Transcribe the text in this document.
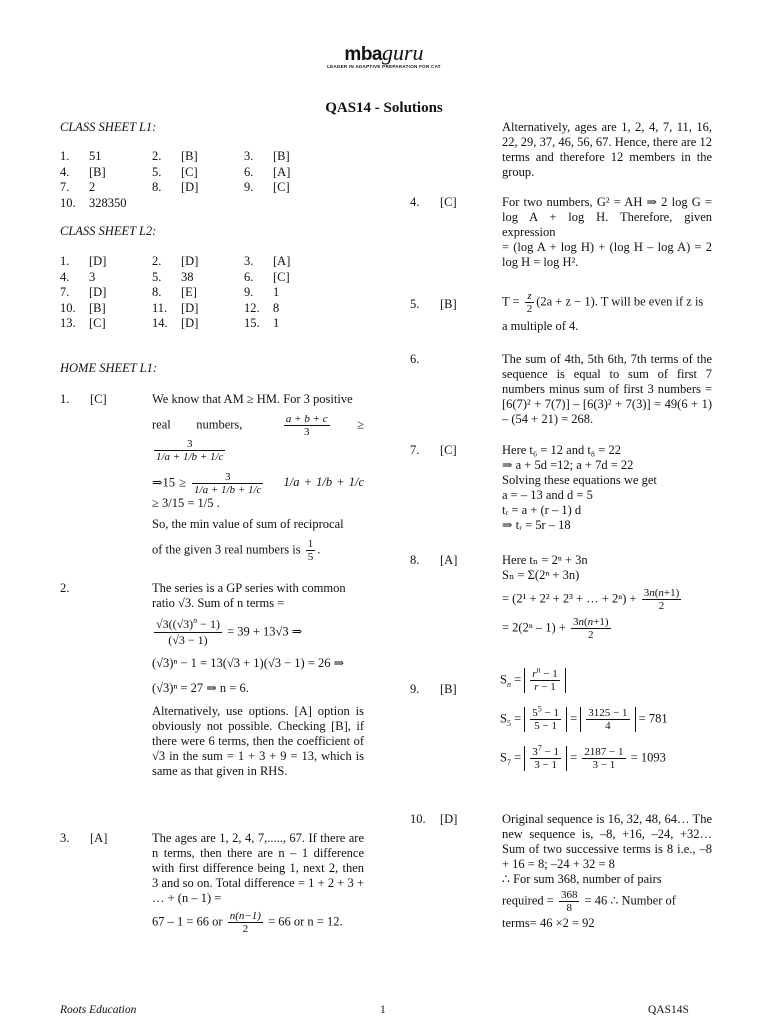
mbaguru
LEADER IN ADAPTIVE PREPARATION FOR CAT
QAS14 - Solutions
CLASS SHEET L1:
1.	51	2.	[B]	3.	[B]
4.	[B]	5.	[C]	6.	[A]
7.	2	8.	[D]	9.	[C]
10.	328350
CLASS SHEET L2:
1.	[D]	2.	[D]	3.	[A]
4.	3	5.	38	6.	[C]
7.	[D]	8.	[E]	9.	1
10.	[B]	11.	[D]	12.	8
13.	[C]	14.	[D]	15.	1
HOME SHEET L1:
1. [C]	We know that AM ≥ HM. For 3 positive
real numbers,	$\frac{a + b + c}{3}$ ≥
$\frac{3}{1/a + 1/b + 1/c}$
⇒15 ≥ $\frac{3}{1/a + 1/b + 1/c} 1/a + 1/b + 1/c \ge 3/15 = 1/5$ .
So, the min value of sum of reciprocal
of the given 3 real numbers is $\frac{1}{5}$ .
2.	The series is a GP series with common
ratio √3. Sum of n terms =
$\frac{√3((√3)^n - 1)}{(√3 - 1)} = 39 + 13√3$ ⇒
(√3)ⁿ − 1 = 13(√3 + 1)(√3 − 1) = 26 ⇒
(√3)ⁿ = 27 ⇒ n = 6.
Alternatively, use options. [A] option is obviously not possible. Checking [B], if there were 6 terms, then the coefficient of √3 in the sum = 1 + 3 + 9 = 13, which is same as that given in RHS.
3. [A]	The ages are 1, 2, 4, 7,....., 67. If there are n terms, then there are n – 1 difference with first difference being 1, next 2, then 3 and so on. Total difference = 1 + 2 + 3 + … + (n – 1) =
67 – 1 = 66 or $\frac{n(n-1)}{2} = 66$ or n = 12.
Alternatively, ages are 1, 2, 4, 7, 11, 16, 22, 29, 37, 46, 56, 67. Hence, there are 12 terms and therefore 12 members in the group.
4. [C]	For two numbers, G² = AH ⇒ 2 log G = log A + log H. Therefore, given expression
= (log A + log H) + (log H – log A) = 2 log H = log H².
5. [B]	$T = \frac{z}{2} (2a + z - 1)$. T will be even if z is
a multiple of 4.
6.	The sum of 4th, 5th 6th, 7th terms of the sequence is equal to sum of first 7 numbers minus sum of first 3 numbers = [6(7)² + 7(7)] – [6(3)² + 7(3)] = 49(6 + 1) – (54 + 21) = 268.
7. [C]	Here t₆ = 12 and t₈ = 22
⇒ a + 5d =12; a + 7d = 22
Solving these equations we get
a = – 13 and d = 5
tᵣ = a + (r – 1) d
⇒ tᵣ = 5r – 18
8. [A]	Here tₙ = 2ⁿ + 3n
Sₙ = Σ(2ⁿ + 3n)
= (2¹ + 2² + 2³ + … + $2^n) + \frac{3n(n+1)}{2}$
= $2(2^n - 1) + \frac{3n(n+1)}{2}$
9. [B]
$S_n = \frac{r^n - 1}{r - 1}$
$S_5 = \frac{5^5 - 1}{5 - 1} = \frac{3125 - 1}{4} = 781$
$S_7 = \frac{3^7 - 1}{3 - 1} = \frac{2187 - 1}{3 - 1} = 1093$
10. [D]	Original sequence is 16, 32, 48, 64… The new sequence is, –8, +16, –24, +32… Sum of two successive terms is 8 i.e., –8 + 16 = 8; –24 + 32 = 8
∴ For sum 368, number of pairs
required = $\frac{368}{8} = 46$ ∴ Number of
terms= 46 ×2 = 92
Roots Education	1	QAS14S
